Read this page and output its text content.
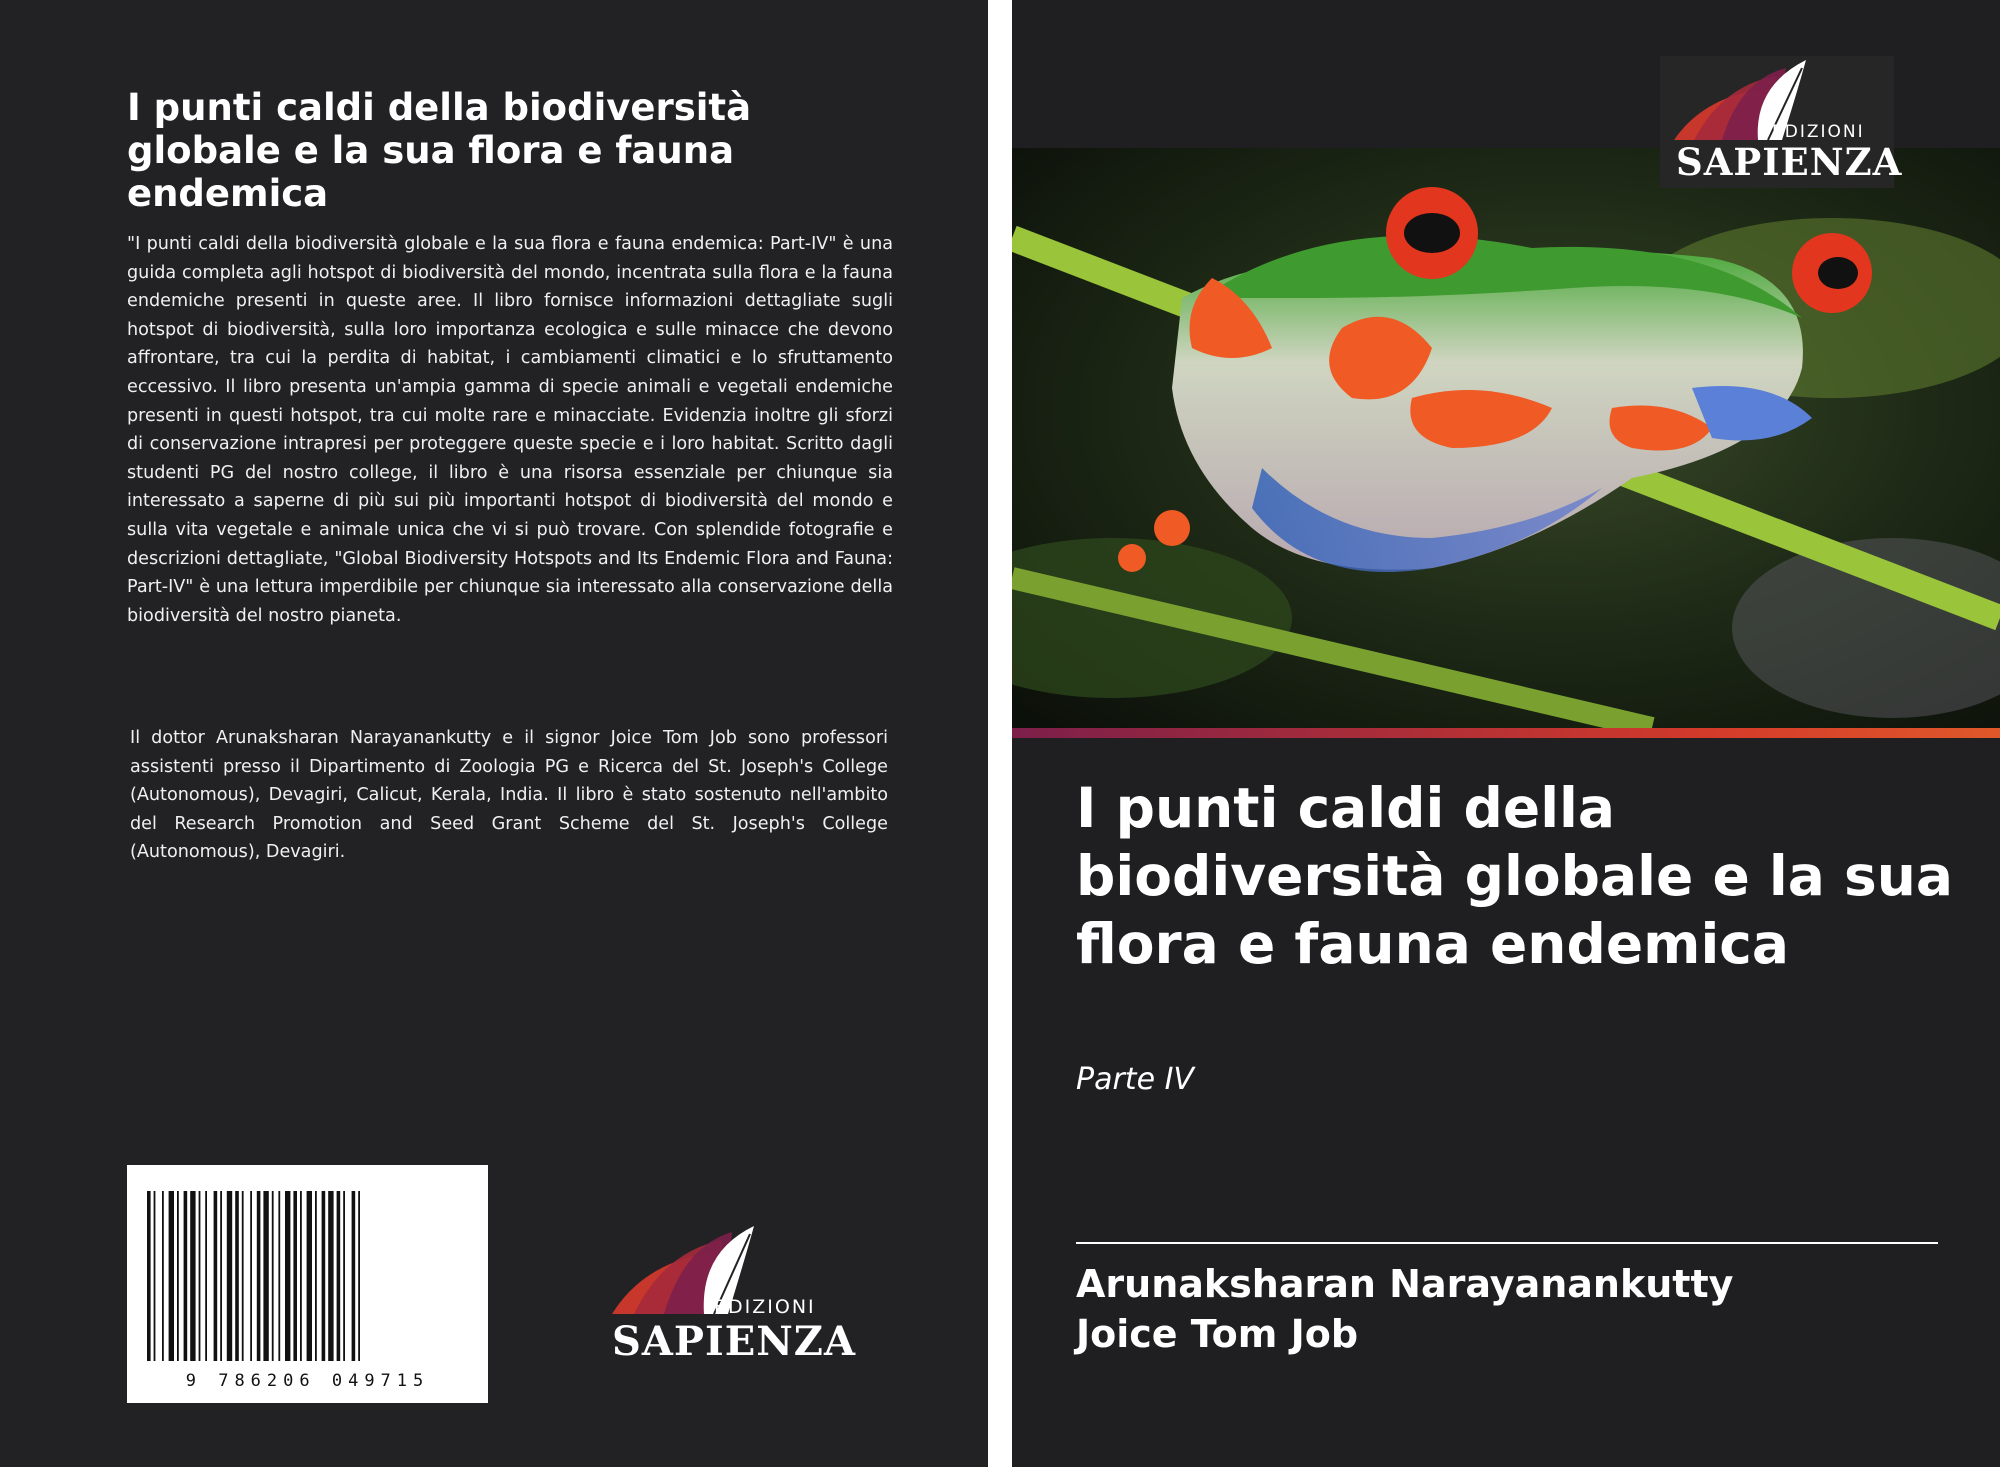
I punti caldi della biodiversità globale e la sua flora e fauna endemica

"I punti caldi della biodiversità globale e la sua flora e fauna endemica: Part-IV" è una guida completa agli hotspot di biodiversità del mondo, incentrata sulla flora e la fauna endemiche presenti in queste aree. Il libro fornisce informazioni dettagliate sugli hotspot di biodiversità, sulla loro importanza ecologica e sulle minacce che devono affrontare, tra cui la perdita di habitat, i cambiamenti climatici e lo sfruttamento eccessivo. Il libro presenta un'ampia gamma di specie animali e vegetali endemiche presenti in questi hotspot, tra cui molte rare e minacciate. Evidenzia inoltre gli sforzi di conservazione intrapresi per proteggere queste specie e i loro habitat. Scritto dagli studenti PG del nostro college, il libro è una risorsa essenziale per chiunque sia interessato a saperne di più sui più importanti hotspot di biodiversità del mondo e sulla vita vegetale e animale unica che vi si può trovare. Con splendide fotografie e descrizioni dettagliate, "Global Biodiversity Hotspots and Its Endemic Flora and Fauna: Part-IV" è una lettura imperdibile per chiunque sia interessato alla conservazione della biodiversità del nostro pianeta.

Il dottor Arunaksharan Narayanankutty e il signor Joice Tom Job sono professori assistenti presso il Dipartimento di Zoologia PG e Ricerca del St. Joseph's College (Autonomous), Devagiri, Calicut, Kerala, India. Il libro è stato sostenuto nell'ambito del Research Promotion and Seed Grant Scheme del St. Joseph's College (Autonomous), Devagiri.

9 786206 049715
EDIZIONI
SAPIENZA
EDIZIONI
SAPIENZA
I punti caldi della biodiversità globale e la sua flora e fauna endemica

Parte IV

Arunaksharan Narayanankutty

Joice Tom Job
